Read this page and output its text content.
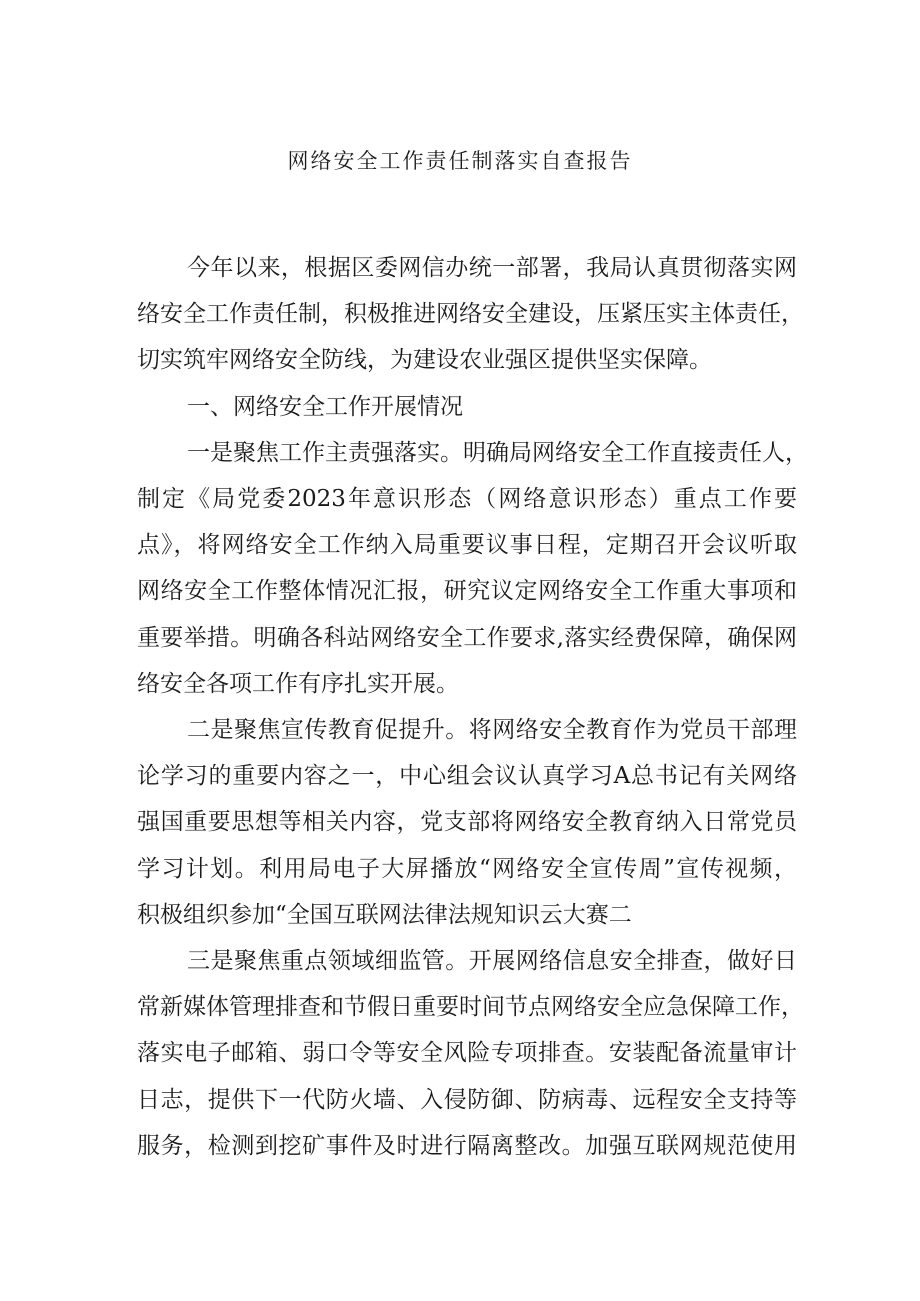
网络安全工作责任制落实自查报告
今年以来，根据区委网信办统一部署，我局认真贯彻落实网
络安全工作责任制，积极推进网络安全建设，压紧压实主体责任，
切实筑牢网络安全防线，为建设农业强区提供坚实保障。
一、网络安全工作开展情况
一是聚焦工作主责强落实。明确局网络安全工作直接责任人，
制定《局党委2023年意识形态（网络意识形态）重点工作要
点》，将网络安全工作纳入局重要议事日程，定期召开会议听取
网络安全工作整体情况汇报，研究议定网络安全工作重大事项和
重要举措。明确各科站网络安全工作要求,落实经费保障，确保网
络安全各项工作有序扎实开展。
二是聚焦宣传教育促提升。将网络安全教育作为党员干部理
论学习的重要内容之一，中心组会议认真学习A总书记有关网络
强国重要思想等相关内容，党支部将网络安全教育纳入日常党员
学习计划。利用局电子大屏播放“网络安全宣传周”宣传视频，
积极组织参加“全国互联网法律法规知识云大赛二
三是聚焦重点领域细监管。开展网络信息安全排查，做好日
常新媒体管理排查和节假日重要时间节点网络安全应急保障工作，
落实电子邮箱、弱口令等安全风险专项排查。安装配备流量审计
日志，提供下一代防火墙、入侵防御、防病毒、远程安全支持等
服务，检测到挖矿事件及时进行隔离整改。加强互联网规范使用
